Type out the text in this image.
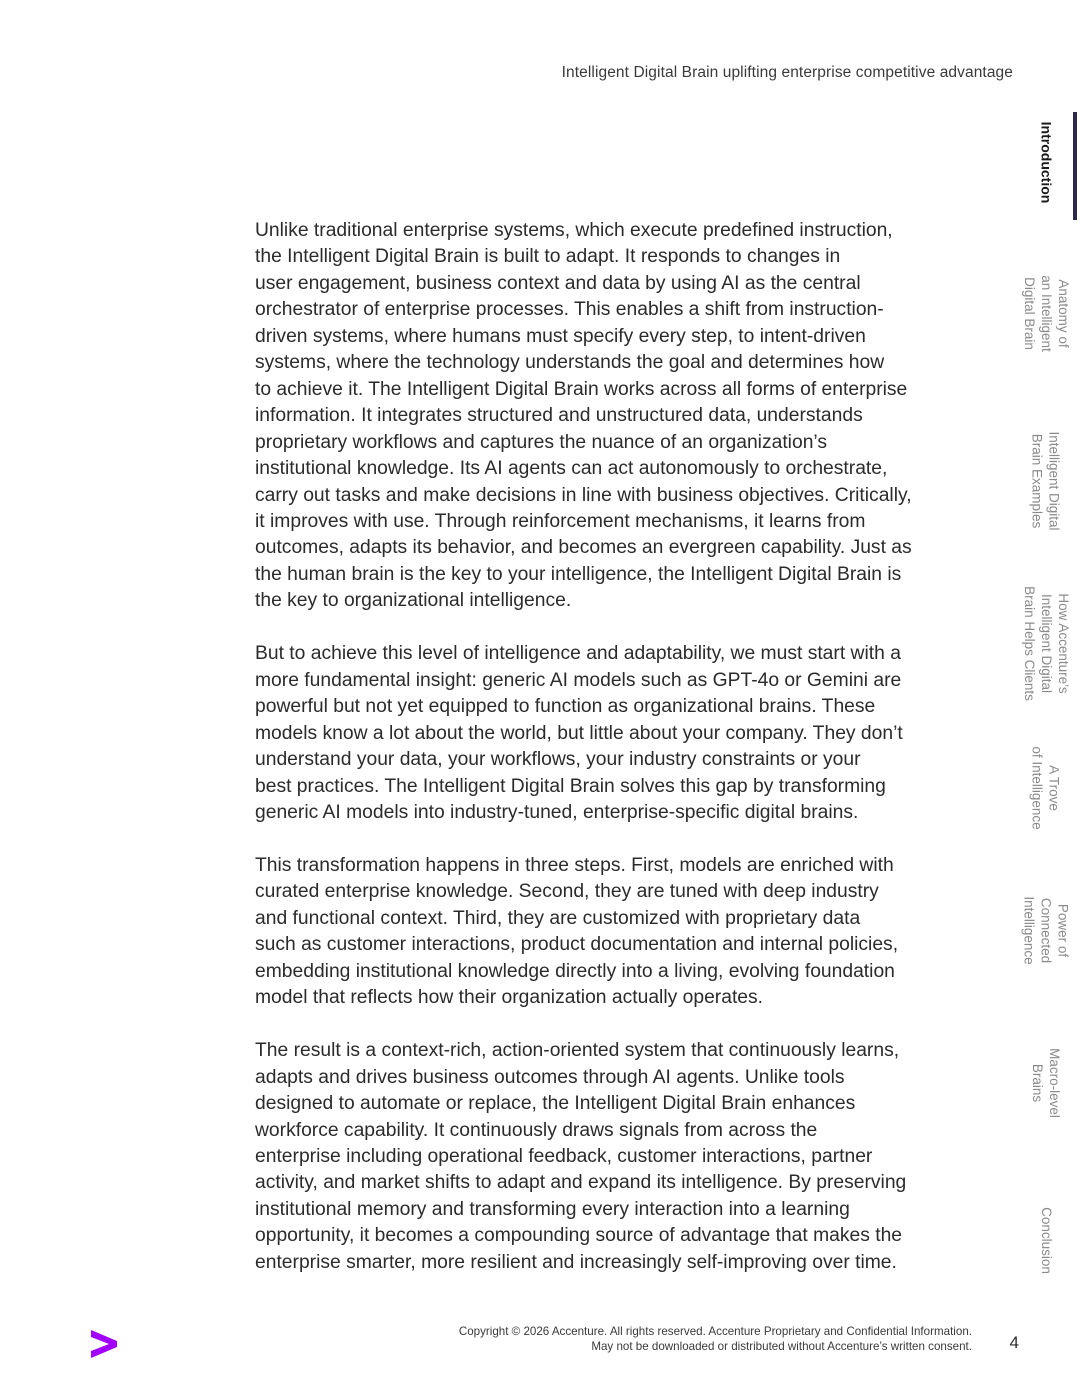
Intelligent Digital Brain uplifting enterprise competitive advantage

Unlike traditional enterprise systems, which execute predefined instruction,
the Intelligent Digital Brain is built to adapt. It responds to changes in
user engagement, business context and data by using AI as the central
orchestrator of enterprise processes. This enables a shift from instruction-
driven systems, where humans must specify every step, to intent-driven
systems, where the technology understands the goal and determines how
to achieve it. The Intelligent Digital Brain works across all forms of enterprise
information. It integrates structured and unstructured data, understands
proprietary workflows and captures the nuance of an organization’s
institutional knowledge. Its AI agents can act autonomously to orchestrate,
carry out tasks and make decisions in line with business objectives. Critically,
it improves with use. Through reinforcement mechanisms, it learns from
outcomes, adapts its behavior, and becomes an evergreen capability. Just as
the human brain is the key to your intelligence, the Intelligent Digital Brain is
the key to organizational intelligence.

But to achieve this level of intelligence and adaptability, we must start with a
more fundamental insight: generic AI models such as GPT-4o or Gemini are
powerful but not yet equipped to function as organizational brains. These
models know a lot about the world, but little about your company. They don’t
understand your data, your workflows, your industry constraints or your
best practices. The Intelligent Digital Brain solves this gap by transforming
generic AI models into industry-tuned, enterprise-specific digital brains.

This transformation happens in three steps. First, models are enriched with
curated enterprise knowledge. Second, they are tuned with deep industry
and functional context. Third, they are customized with proprietary data
such as customer interactions, product documentation and internal policies,
embedding institutional knowledge directly into a living, evolving foundation
model that reflects how their organization actually operates.

The result is a context-rich, action-oriented system that continuously learns,
adapts and drives business outcomes through AI agents. Unlike tools
designed to automate or replace, the Intelligent Digital Brain enhances
workforce capability. It continuously draws signals from across the
enterprise including operational feedback, customer interactions, partner
activity, and market shifts to adapt and expand its intelligence. By preserving
institutional memory and transforming every interaction into a learning
opportunity, it becomes a compounding source of advantage that makes the
enterprise smarter, more resilient and increasingly self-improving over time.

Introduction
Anatomy of
an Intelligent
Digital Brain
Intelligent Digital
Brain Examples
How Accenture’s
Intelligent Digital
Brain Helps Clients
A Trove
of Intelligence
Power of
Connected
Intelligence
Macro-level
Brains
Conclusion
Copyright © 2026 Accenture. All rights reserved. Accenture Proprietary and Confidential Information.
May not be downloaded or distributed without Accenture’s written consent. 4
